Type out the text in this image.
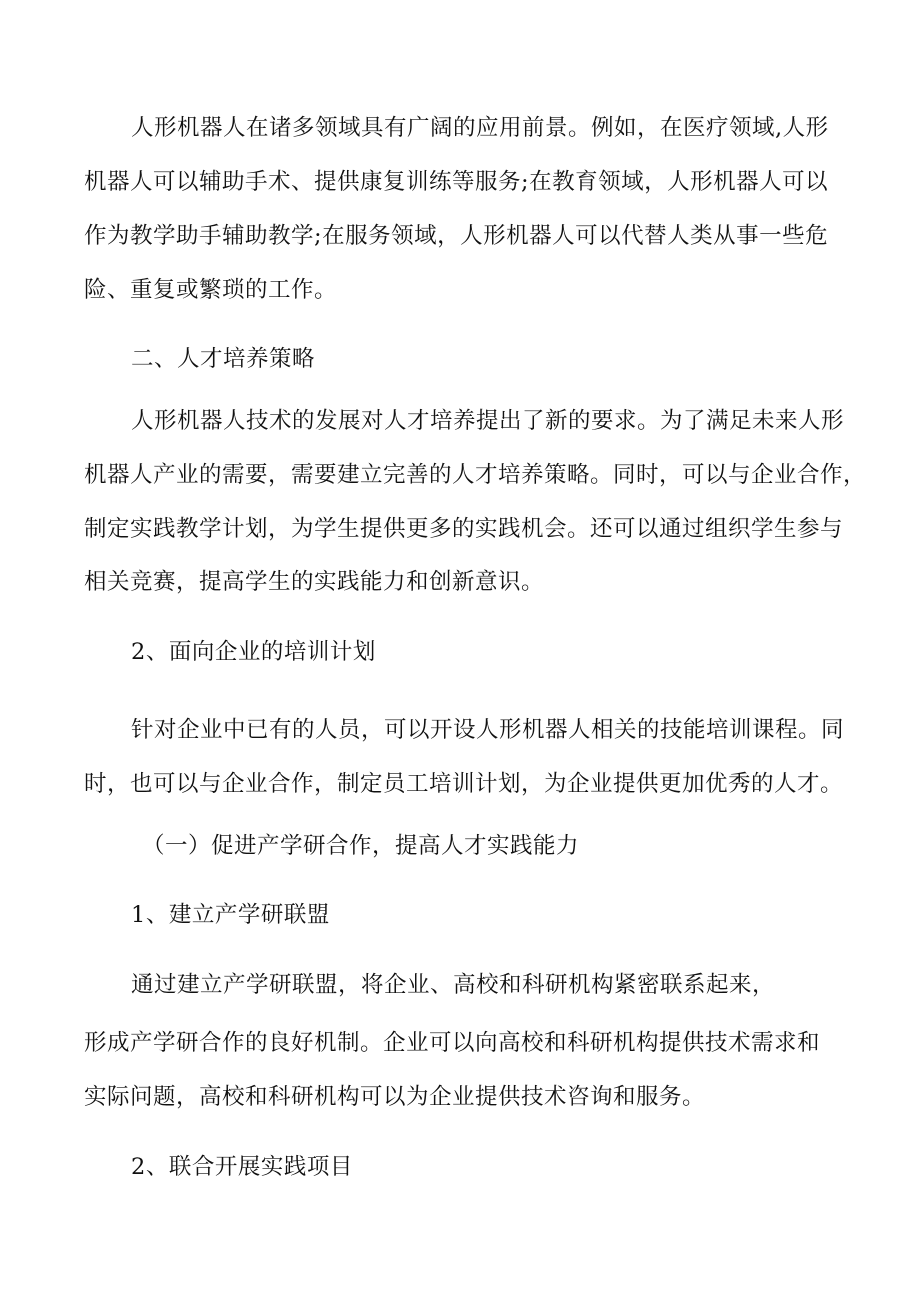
人形机器人在诸多领域具有广阔的应用前景。例如，在医疗领域,人形
机器人可以辅助手术、提供康复训练等服务;在教育领域，人形机器人可以
作为教学助手辅助教学;在服务领域，人形机器人可以代替人类从事一些危
险、重复或繁琐的工作。
二、人才培养策略
人形机器人技术的发展对人才培养提出了新的要求。为了满足未来人形
机器人产业的需要，需要建立完善的人才培养策略。同时，可以与企业合作，
制定实践教学计划，为学生提供更多的实践机会。还可以通过组织学生参与
相关竞赛，提高学生的实践能力和创新意识。
2、面向企业的培训计划
针对企业中已有的人员，可以开设人形机器人相关的技能培训课程。同
时，也可以与企业合作，制定员工培训计划，为企业提供更加优秀的人才。
（一）促进产学研合作，提高人才实践能力
1、建立产学研联盟
通过建立产学研联盟，将企业、高校和科研机构紧密联系起来，
形成产学研合作的良好机制。企业可以向高校和科研机构提供技术需求和
实际问题，高校和科研机构可以为企业提供技术咨询和服务。
2、联合开展实践项目
